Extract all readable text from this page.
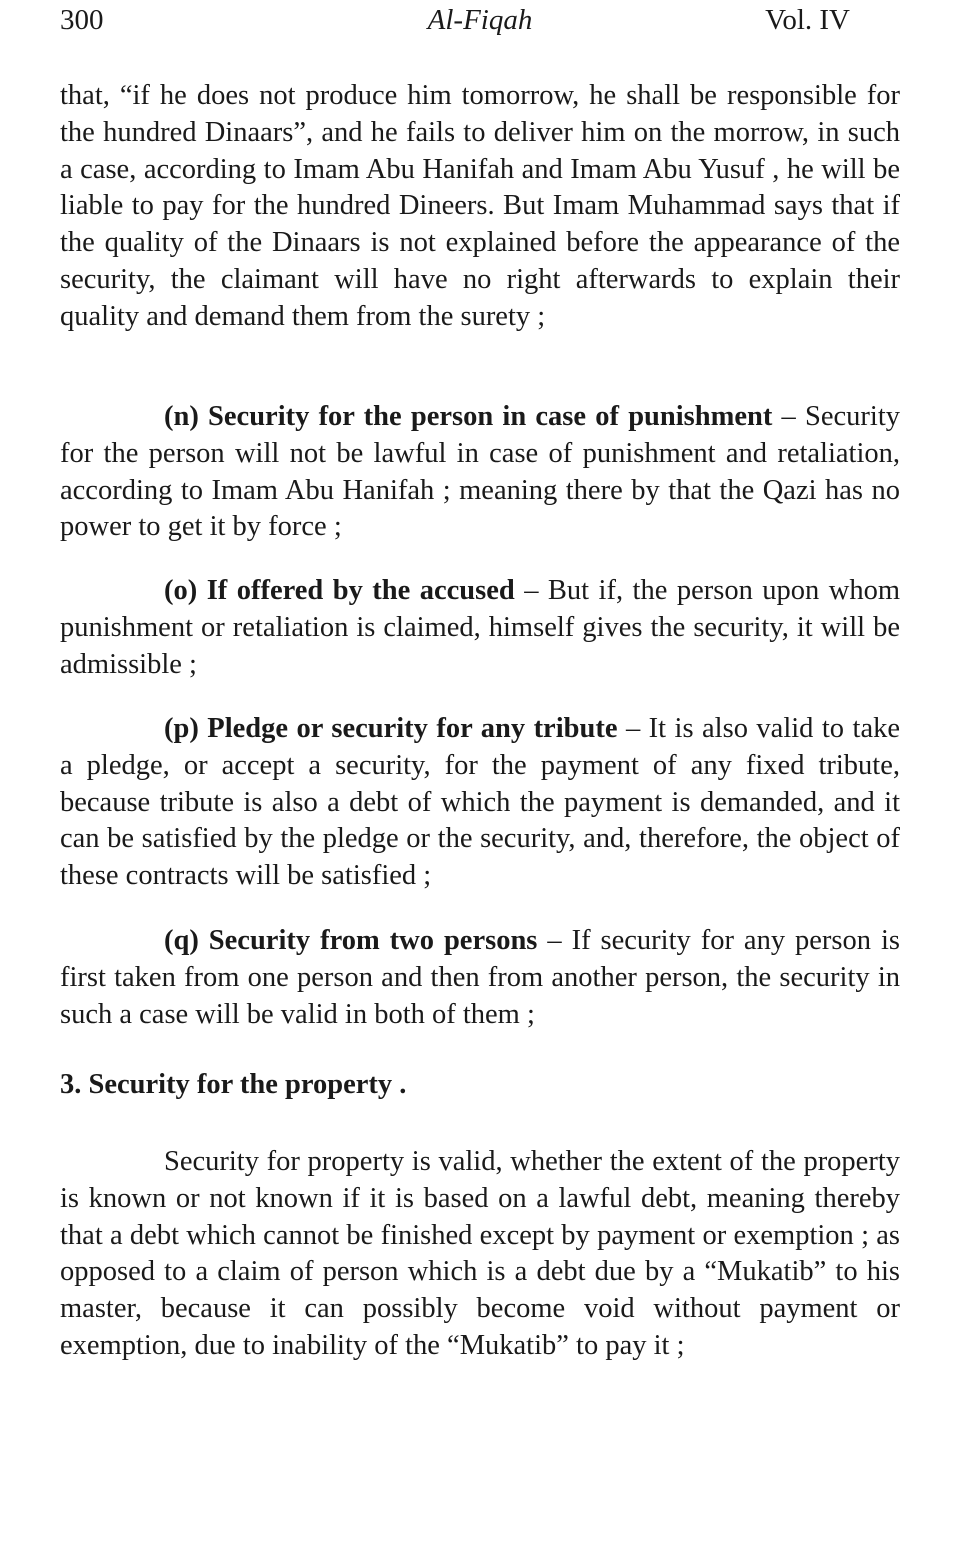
300	Al-Fiqah	Vol. IV

that, “if he does not produce him tomorrow, he shall be responsible for the hundred Dinaars”, and he fails to deliver him on the morrow, in such a case, according to Imam Abu Hanifah and Imam Abu Yusuf , he will be liable to pay for the hundred Dineers. But Imam Muhammad says that if the quality of the Dinaars is not explained before the appearance of the security, the claimant will have no right afterwards to explain their quality and demand them from the surety ;

(n) Security for the person in case of punishment – Security for the person will not be lawful in case of punishment and retaliation, according to Imam Abu Hanifah ; meaning there by that the Qazi has no power to get it by force ;

(o) If offered by the accused – But if, the person upon whom punishment or retaliation is claimed, himself gives the security, it will be admissible ;

(p) Pledge or security for any tribute – It is also valid to take a pledge, or accept a security, for the payment of any fixed tribute, because tribute is also a debt of which the payment is demanded, and it can be satisfied by the pledge or the security, and, therefore, the object of these contracts will be satisfied ;

(q) Security from two persons – If security for any person is first taken from one person and then from another person, the security in such a case will be valid in both of them ;

3. Security for the property .

Security for property is valid, whether the extent of the property is known or not known if it is based on a lawful debt, meaning thereby that a debt which cannot be finished except by payment or exemption ; as opposed to a claim of person which is a debt due by a “Mukatib” to his master, because it can possibly become void without payment or exemption, due to inability of the “Mukatib” to pay it ;
